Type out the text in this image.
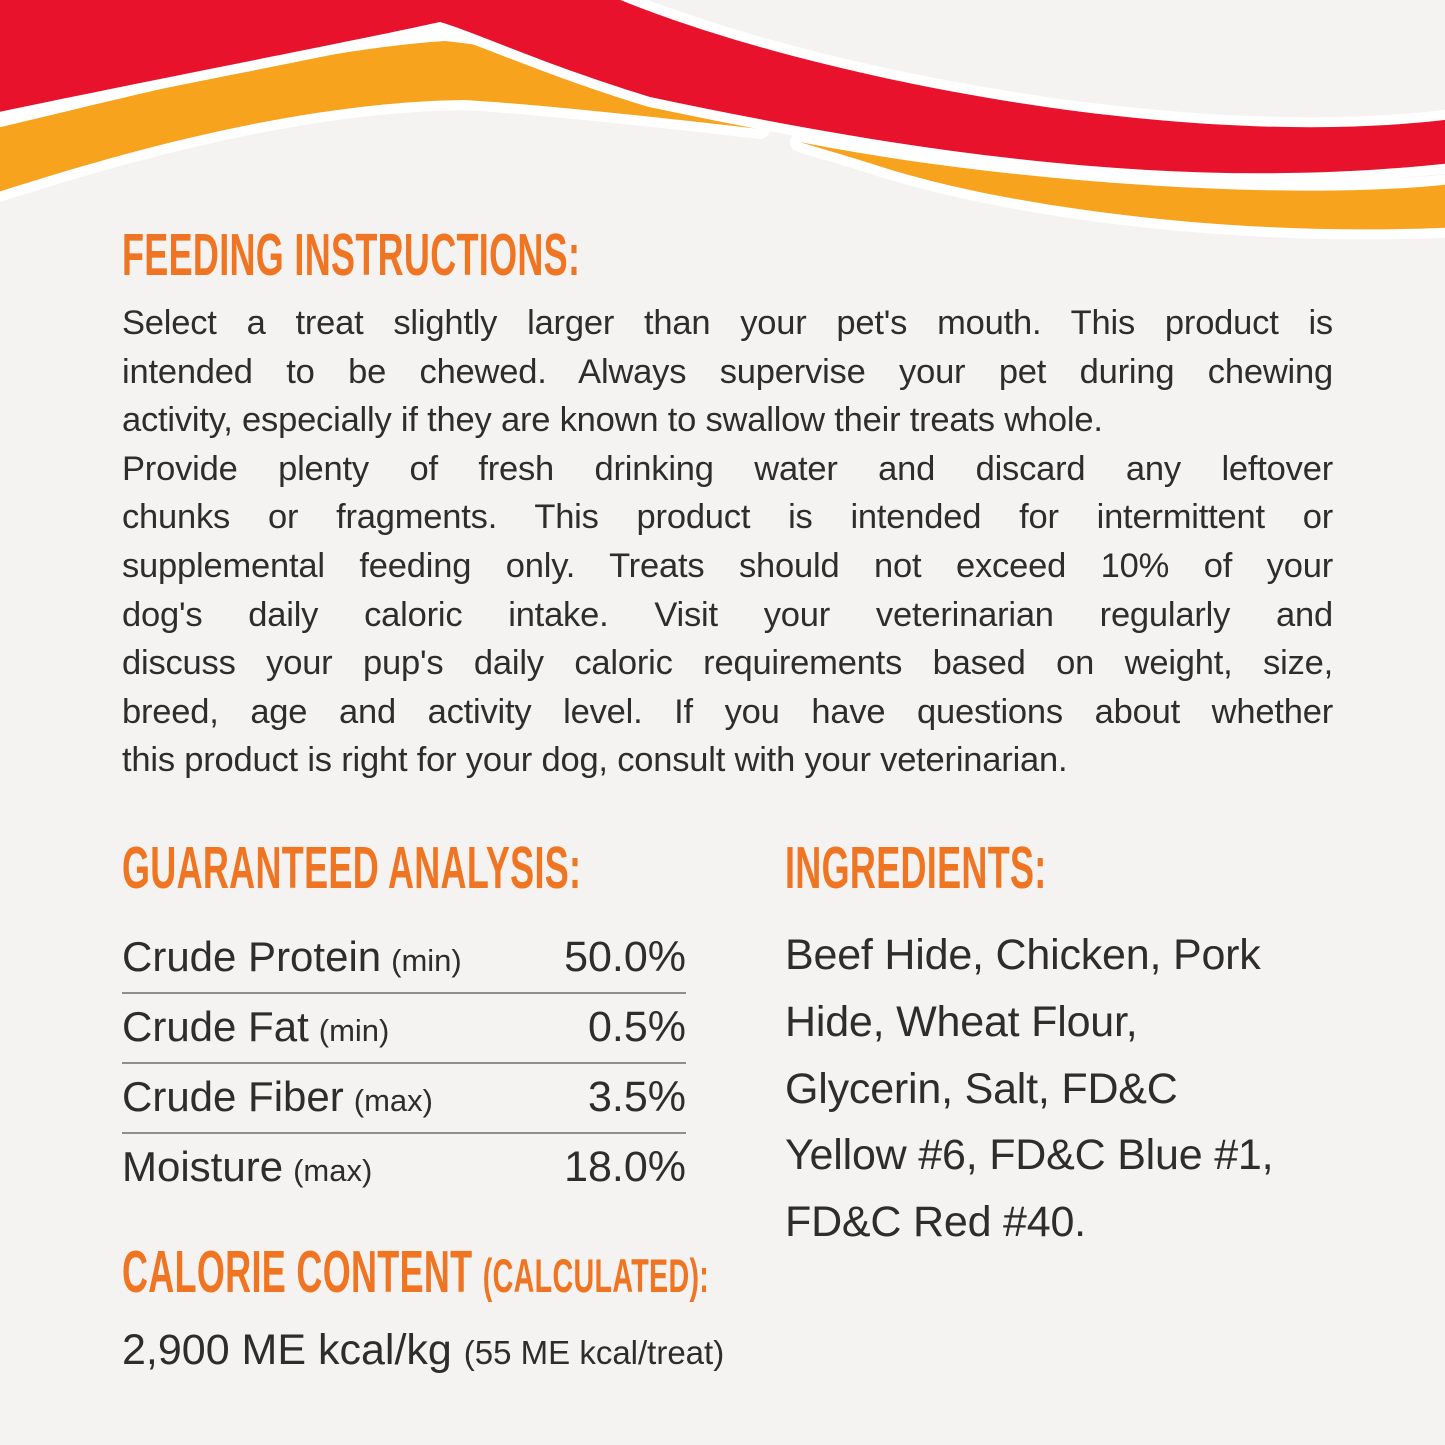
FEEDING INSTRUCTIONS:
Select a treat slightly larger than your pet's mouth. This product is
intended to be chewed. Always supervise your pet during chewing
activity, especially if they are known to swallow their treats whole.
Provide plenty of fresh drinking water and discard any leftover
chunks or fragments. This product is intended for intermittent or
supplemental feeding only. Treats should not exceed 10% of your
dog's daily caloric intake. Visit your veterinarian regularly and
discuss your pup's daily caloric requirements based on weight, size,
breed, age and activity level. If you have questions about whether
this product is right for your dog, consult with your veterinarian.
GUARANTEED ANALYSIS:
Crude Protein (min) 50.0%
Crude Fat (min)	0.5%
Crude Fiber (max)	3.5%
Moisture (max)	18.0%
CALORIE CONTENT (CALCULATED):
2,900 ME kcal/kg (55 ME kcal/treat)
INGREDIENTS:
Beef Hide, Chicken, Pork
Hide, Wheat Flour,
Glycerin, Salt, FD&C
Yellow #6, FD&C Blue #1,
FD&C Red #40.
